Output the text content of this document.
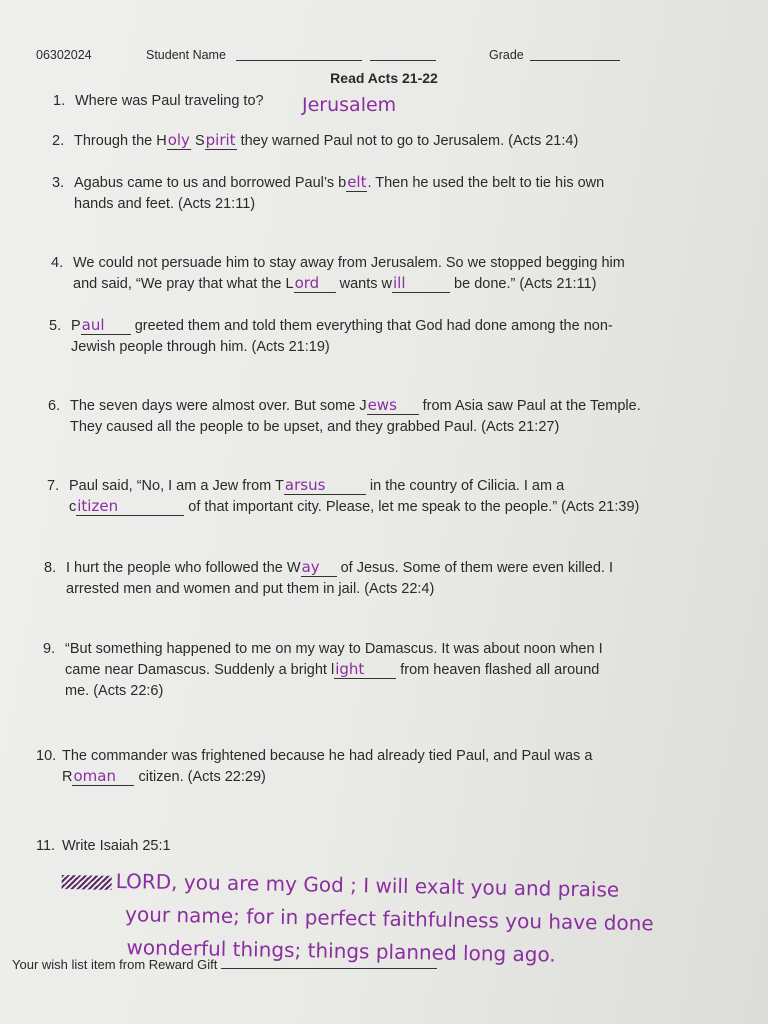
06302024	Student Name	Grade
Read Acts 21-22
1. Where was Paul traveling to? Jerusalem
2. Through the Holy Spirit they warned Paul not to go to Jerusalem. (Acts 21:4)
3. Agabus came to us and borrowed Paul’s belt. Then he used the belt to tie his own
hands and feet. (Acts 21:11)
4. We could not persuade him to stay away from Jerusalem. So we stopped begging him
and said, “We pray that what the Lord wants will	be done.” (Acts 21:11)
5. Paul greeted them and told them everything that God had done among the non-
Jewish people through him. (Acts 21:19)
6. The seven days were almost over. But some Jews from Asia saw Paul at the Temple.
They caused all the people to be upset, and they grabbed Paul. (Acts 21:27)
7. Paul said, “No, I am a Jew from Tarsus	in the country of Cilicia. I am a
citizen	of that important city. Please, let me speak to the people.” (Acts 21:39)
8. I hurt the people who followed the Way of Jesus. Some of them were even killed. I
arrested men and women and put them in jail. (Acts 22:4)
9. “But something happened to me on my way to Damascus. It was about noon when I
came near Damascus. Suddenly a bright light from heaven flashed all around
me. (Acts 22:6)
10. The commander was frightened because he had already tied Paul, and Paul was a
Roman citizen. (Acts 22:29)
11. Write Isaiah 25:1
LORD, you are my God ; I will exalt you and praise
your name; for in perfect faithfulness you have done
wonderful things; things planned long ago.
Your wish list item from Reward Gift
